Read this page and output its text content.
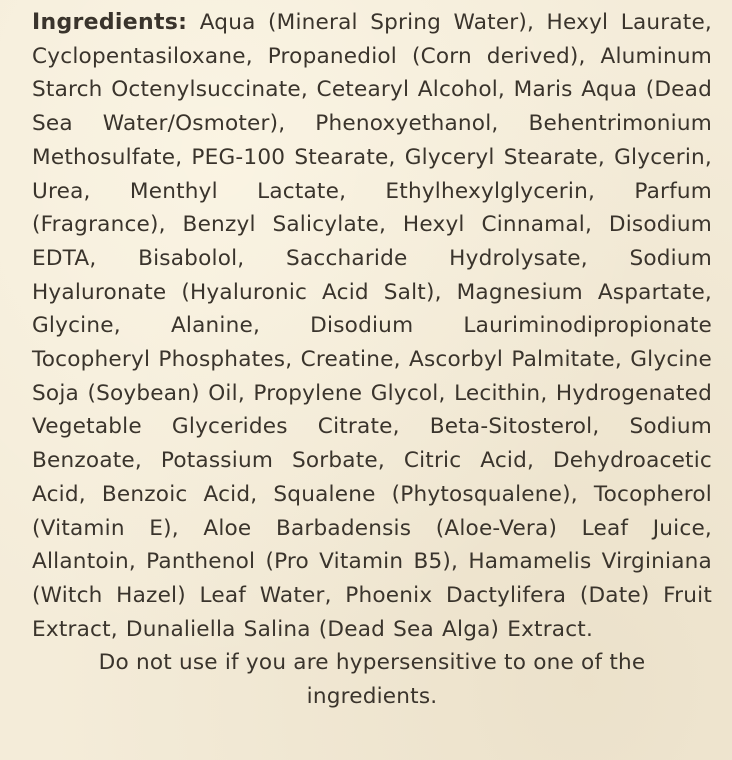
Ingredients: Aqua (Mineral Spring Water), Hexyl Laurate, Cyclopentasiloxane, Propanediol (Corn derived), Aluminum Starch Octenylsuccinate, Cetearyl Alcohol, Maris Aqua (Dead Sea Water/Osmoter), Phenoxyethanol, Behentrimonium Methosulfate, PEG-100 Stearate, Glyceryl Stearate, Glycerin, Urea, Menthyl Lactate, Ethylhexylglycerin, Parfum (Fragrance), Benzyl Salicylate, Hexyl Cinnamal, Disodium EDTA, Bisabolol, Saccharide Hydrolysate, Sodium Hyaluronate (Hyaluronic Acid Salt), Magnesium Aspartate, Glycine, Alanine, Disodium Lauriminodipropionate Tocopheryl Phosphates, Creatine, Ascorbyl Palmitate, Glycine Soja (Soybean) Oil, Propylene Glycol, Lecithin, Hydrogenated Vegetable Glycerides Citrate, Beta-Sitosterol, Sodium Benzoate, Potassium Sorbate, Citric Acid, Dehydroacetic Acid, Benzoic Acid, Squalene (Phytosqualene), Tocopherol (Vitamin E), Aloe Barbadensis (Aloe-Vera) Leaf Juice, Allantoin, Panthenol (Pro Vitamin B5), Hamamelis Virginiana (Witch Hazel) Leaf Water, Phoenix Dactylifera (Date) Fruit Extract, Dunaliella Salina (Dead Sea Alga) Extract.

Do not use if you are hypersensitive to one of the ingredients.
